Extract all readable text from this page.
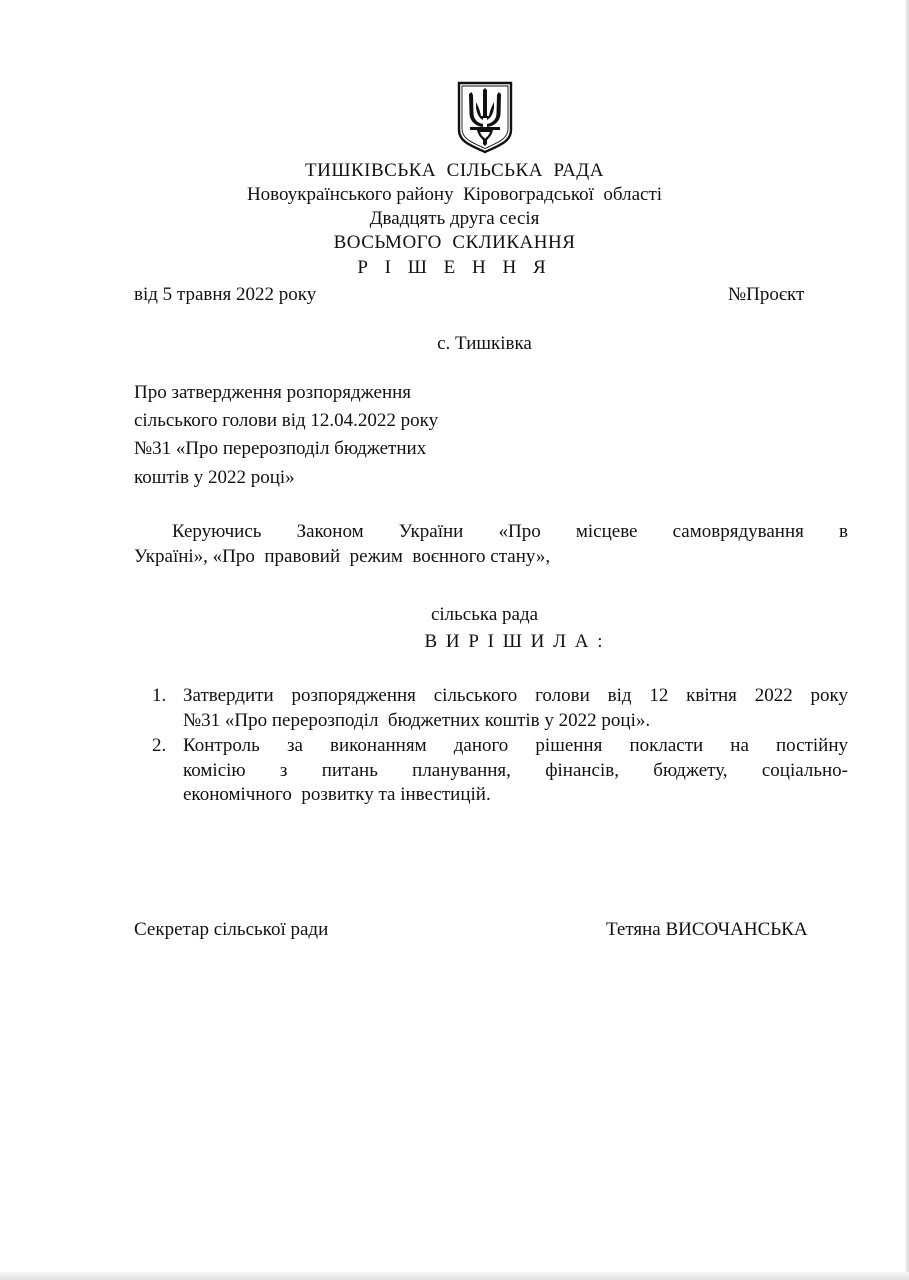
ТИШКІВСЬКА  СІЛЬСЬКА  РАДА
Новоукраїнського району  Кіровоградської  області
Двадцять друга сесія
ВОСЬМОГО  СКЛИКАННЯ
Р І Ш Е Н Н Я
від 5 травня 2022 року	№Проєкт
с. Тишківка
Про затвердження розпорядження
сільського голови від 12.04.2022 року
№31 «Про перерозподіл бюджетних
коштів у 2022 році»
Керуючись Законом України «Про місцеве самоврядування в
Україні», «Про  правовий  режим  воєнного стану»,
сільська рада
В И Р І Ш И Л А :
1. Затвердити розпорядження сільського голови від 12 квітня 2022 року
№31 «Про перерозподіл  бюджетних коштів у 2022 році».
2. Контроль за виконанням даного рішення покласти на постійну
комісію з питань планування, фінансів, бюджету, соціально-
економічного  розвитку та інвестицій.
Секретар сільської ради	Тетяна ВИСОЧАНСЬКА
